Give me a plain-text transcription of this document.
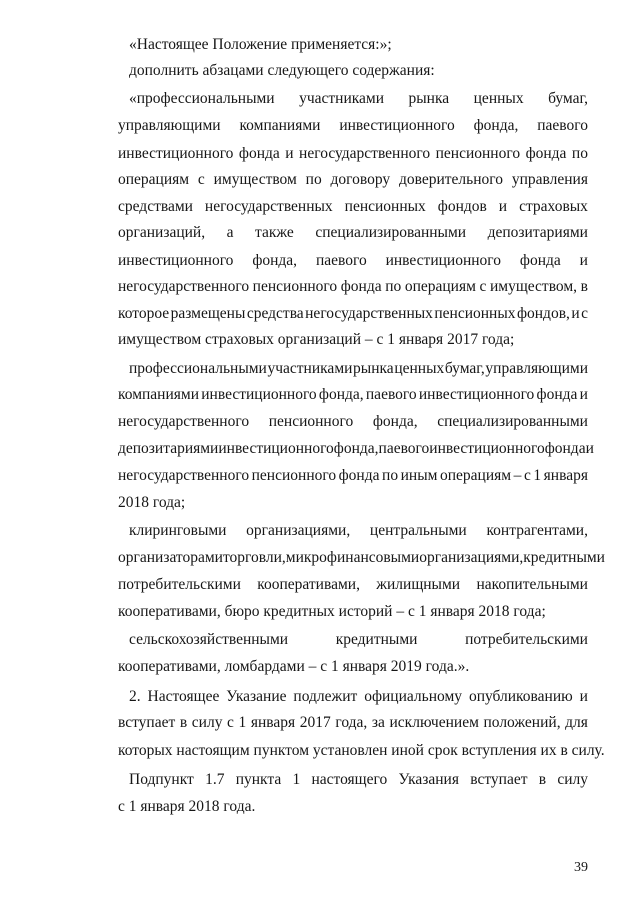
«Настоящее Положение применяется:»;

дополнить абзацами следующего содержания:

«профессиональными участниками рынка ценных бумаг,

управляющими компаниями инвестиционного фонда, паевого

инвестиционного фонда и негосударственного пенсионного фонда по

операциям с имуществом по договору доверительного управления

средствами негосударственных пенсионных фондов и страховых

организаций, а также специализированными депозитариями

инвестиционного фонда, паевого инвестиционного фонда и

негосударственного пенсионного фонда по операциям с имуществом, в

которое размещены средства негосударственных пенсионных фондов, и с

имуществом страховых организаций – с 1 января 2017 года;

профессиональными участниками рынка ценных бумаг, управляющими

компаниями инвестиционного фонда, паевого инвестиционного фонда и

негосударственного пенсионного фонда, специализированными

депозитариями инвестиционного фонда, паевого инвестиционного фонда и

негосударственного пенсионного фонда по иным операциям – с 1 января

2018 года;

клиринговыми организациями, центральными контрагентами,

организаторами торговли, микрофинансовыми организациями, кредитными

потребительскими кооперативами, жилищными накопительными

кооперативами, бюро кредитных историй – с 1 января 2018 года;

сельскохозяйственными	кредитными	потребительскими

кооперативами, ломбардами – с 1 января 2019 года.».

2. Настоящее Указание подлежит официальному опубликованию и

вступает в силу с 1 января 2017 года, за исключением положений, для

которых настоящим пунктом установлен иной срок вступления их в силу.

Подпункт 1.7 пункта 1 настоящего Указания вступает в силу

с 1 января 2018 года.

39
